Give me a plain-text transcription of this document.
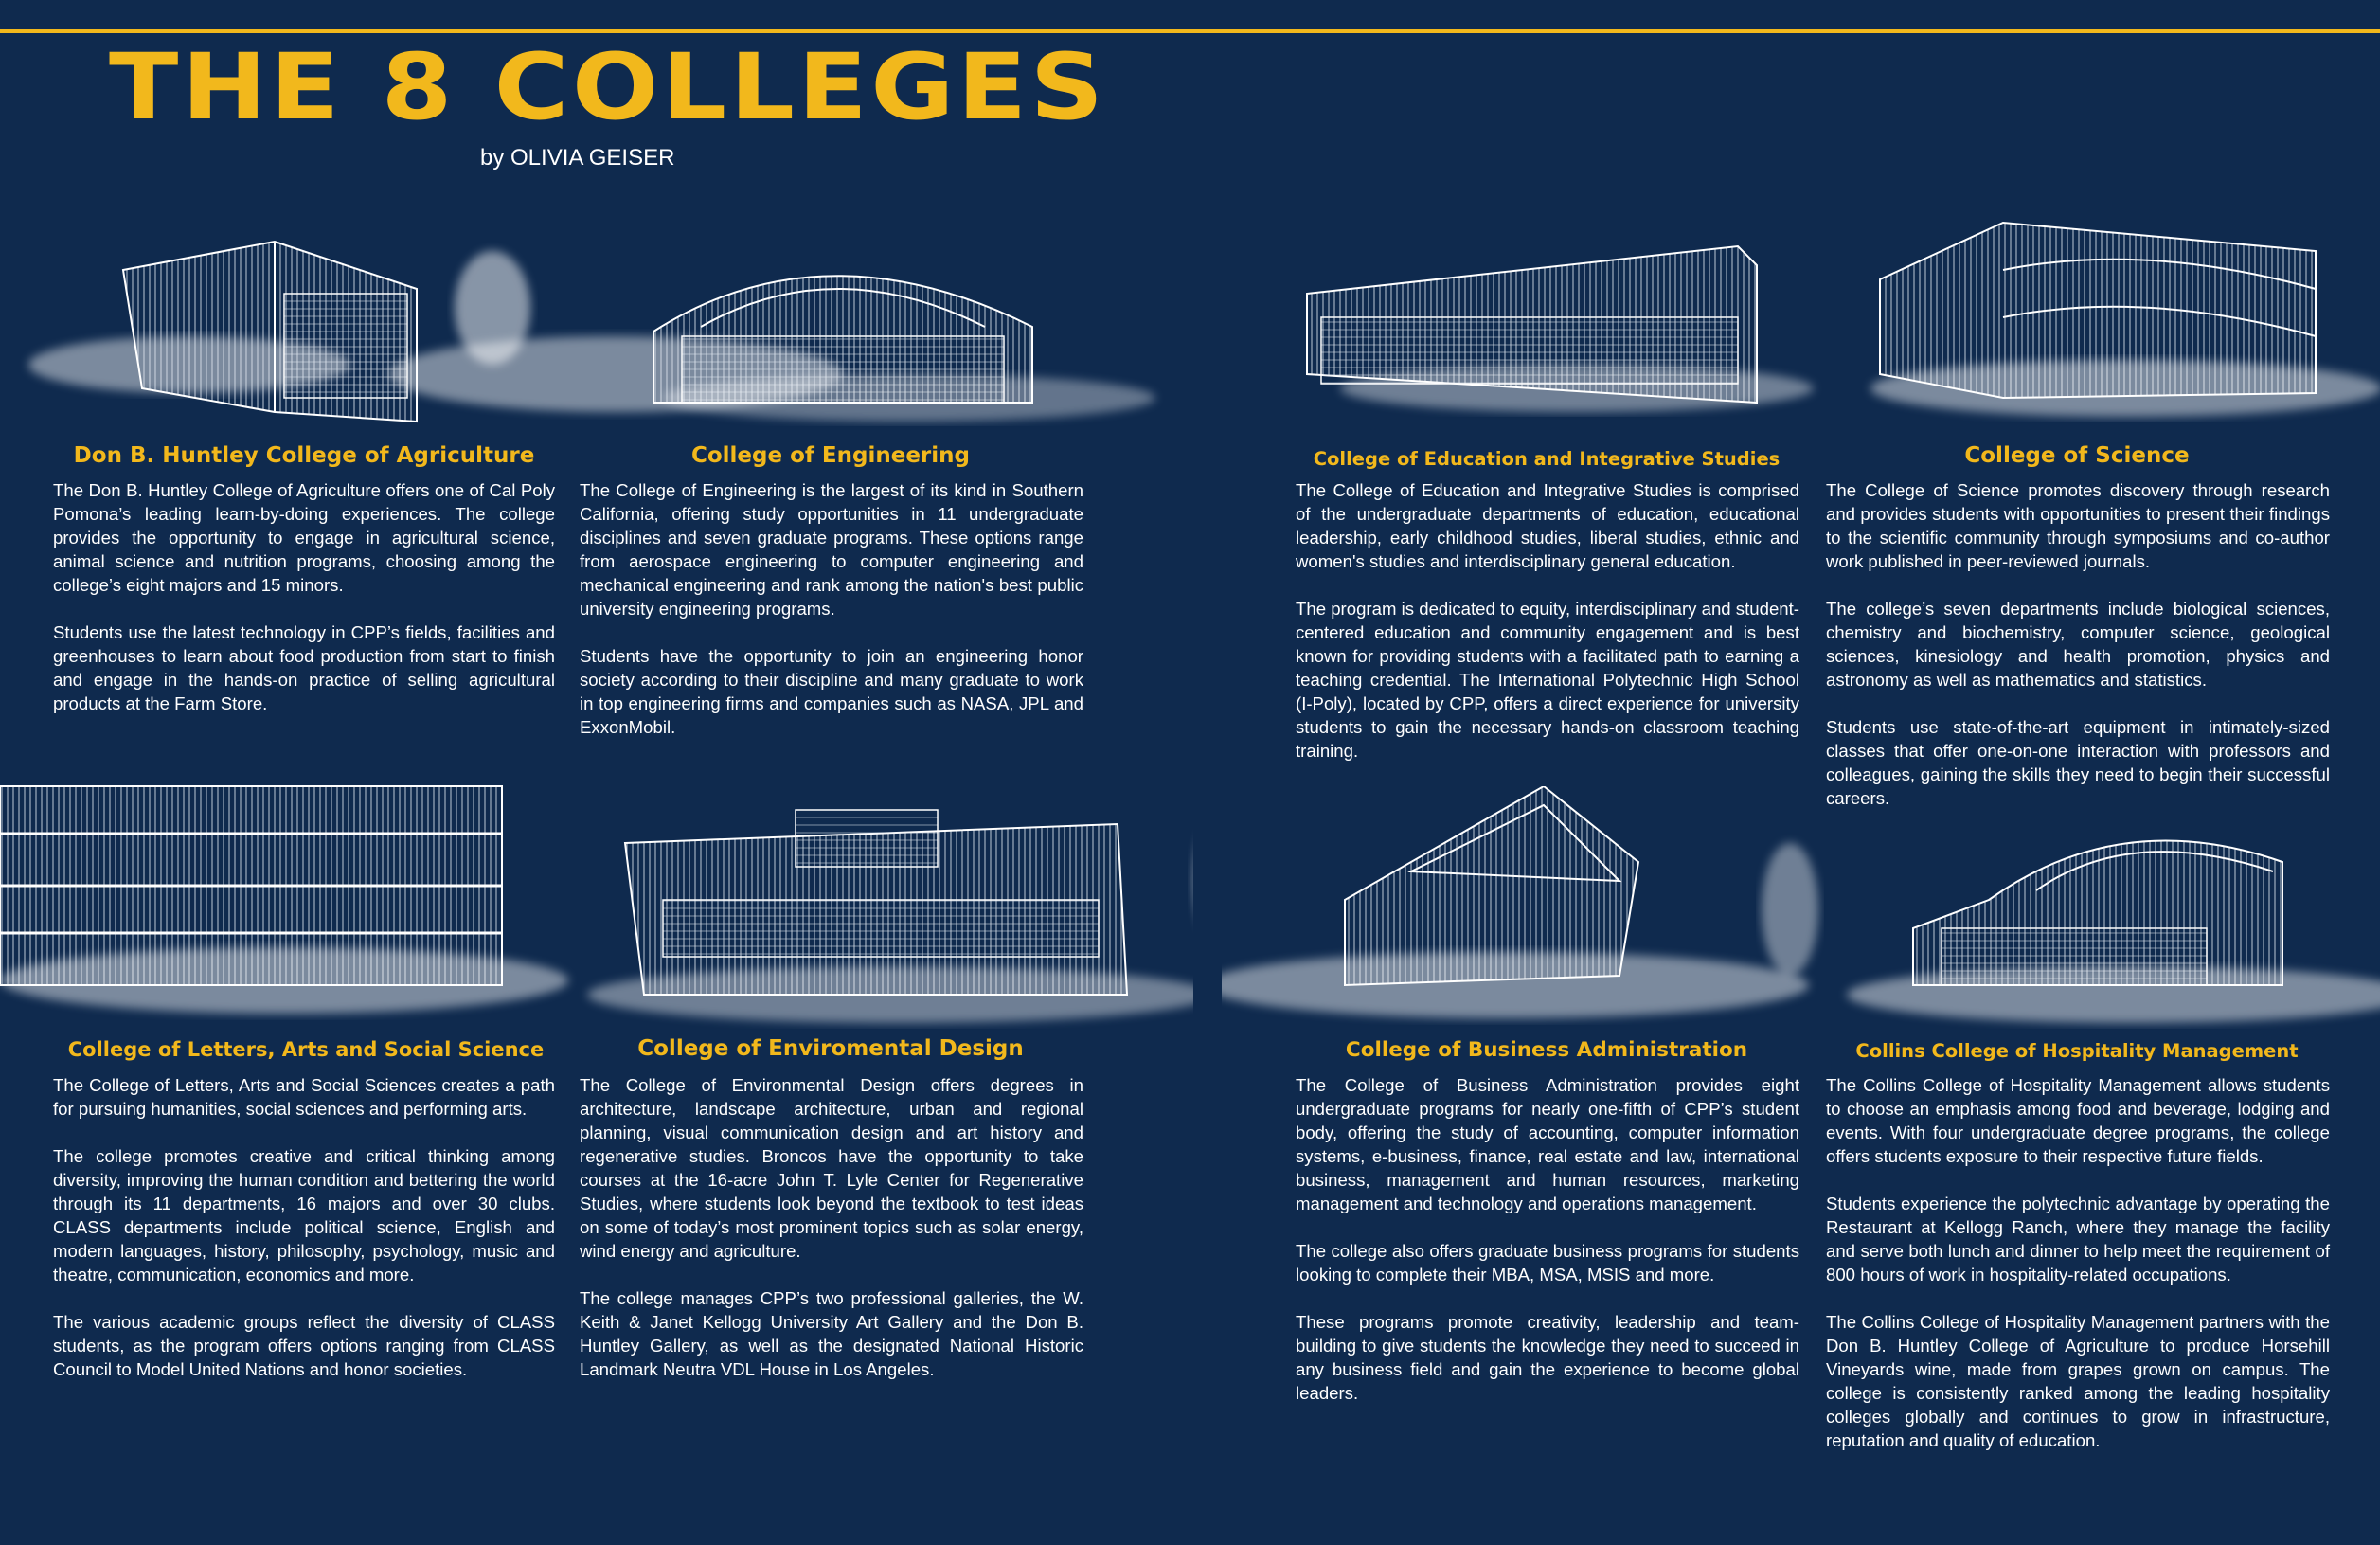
THE 8 COLLEGES
by OLIVIA GEISER
Don B. Huntley College of Agriculture

The Don B. Huntley College of Agriculture offers one of Cal Poly Pomona’s leading learn-by-doing experiences. The college provides the opportunity to engage in agricultural science, animal science and nutrition programs, choosing among the college’s eight majors and 15 minors.

Students use the latest technology in CPP’s fields, facilities and greenhouses to learn about food production from start to finish and engage in the hands-on practice of selling agricultural products at the Farm Store.

College of Engineering

The College of Engineering is the largest of its kind in Southern California, offering study opportunities in 11 undergraduate disciplines and seven graduate programs. These options range from aerospace engineering to computer engineering and mechanical engineering and rank among the nation's best public university engineering programs.

Students have the opportunity to join an engineering honor society according to their discipline and many graduate to work in top engineering firms and companies such as NASA, JPL and ExxonMobil.

College of Education and Integrative Studies

The College of Education and Integrative Studies is comprised of the undergraduate departments of education, educational leadership, early childhood studies, liberal studies, ethnic and women's studies and interdisciplinary general education.

The program is dedicated to equity, interdisciplinary and student-centered education and community engagement and is best known for providing students with a facilitated path to earning a teaching credential. The International Polytechnic High School (I-Poly), located by CPP, offers a direct experience for university students to gain the necessary hands-on classroom teaching training.

College of Science

The College of Science promotes discovery through research and provides students with opportunities to present their findings to the scientific community through symposiums and co-author work published in peer-reviewed journals.

The college’s seven departments include biological sciences, chemistry and biochemistry, computer science, geological sciences, kinesiology and health promotion, physics and astronomy as well as mathematics and statistics.

Students use state-of-the-art equipment in intimately-sized classes that offer one-on-one interaction with professors and colleagues, gaining the skills they need to begin their successful careers.

College of Letters, Arts and Social Science

The College of Letters, Arts and Social Sciences creates a path for pursuing humanities, social sciences and performing arts.

The college promotes creative and critical thinking among diversity, improving the human condition and bettering the world through its 11 departments, 16 majors and over 30 clubs. CLASS departments include political science, English and modern languages, history, philosophy, psychology, music and theatre, communication, economics and more.

The various academic groups reflect the diversity of CLASS students, as the program offers options ranging from CLASS Council to Model United Nations and honor societies.

College of Enviromental Design

The College of Environmental Design offers degrees in architecture, landscape architecture, urban and regional planning, visual communication design and art history and regenerative studies. Broncos have the opportunity to take courses at the 16-acre John T. Lyle Center for Regenerative Studies, where students look beyond the textbook to test ideas on some of today’s most prominent topics such as solar energy, wind energy and agriculture.

The college manages CPP’s two professional galleries, the W. Keith & Janet Kellogg University Art Gallery and the Don B. Huntley Gallery, as well as the designated National Historic Landmark Neutra VDL House in Los Angeles.

College of Business Administration

The College of Business Administration provides eight undergraduate programs for nearly one-fifth of CPP’s student body, offering the study of accounting, computer information systems, e-business, finance, real estate and law, international business, management and human resources, marketing management and technology and operations management.

The college also offers graduate business programs for students looking to complete their MBA, MSA, MSIS and more.

These programs promote creativity, leadership and team-building to give students the knowledge they need to succeed in any business field and gain the experience to become global leaders.

Collins College of Hospitality Management

The Collins College of Hospitality Management allows students to choose an emphasis among food and beverage, lodging and events. With four undergraduate degree programs, the college offers students exposure to their respective future fields.

Students experience the polytechnic advantage by operating the Restaurant at Kellogg Ranch, where they manage the facility and serve both lunch and dinner to help meet the requirement of 800 hours of work in hospitality-related occupations.

The Collins College of Hospitality Management partners with the Don B. Huntley College of Agriculture to produce Horsehill Vineyards wine, made from grapes grown on campus. The college is consistently ranked among the leading hospitality colleges globally and continues to grow in infrastructure, reputation and quality of education.
